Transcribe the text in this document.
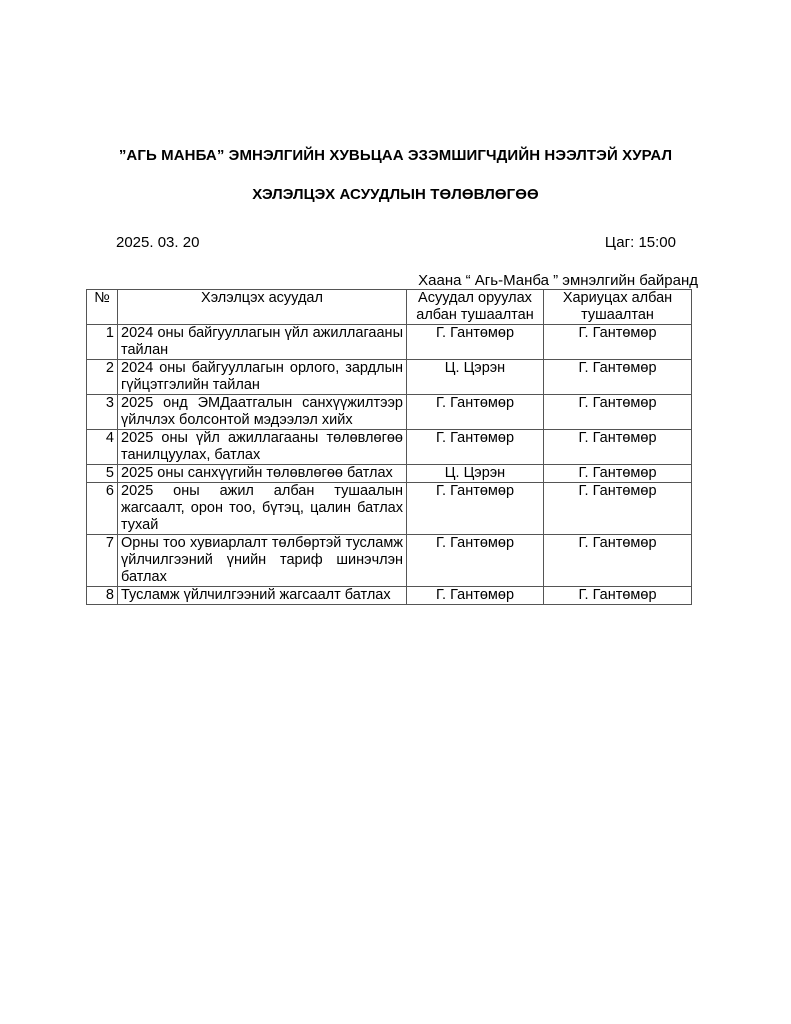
”АГЬ МАНБА” ЭМНЭЛГИЙН ХУВЬЦАА ЭЗЭМШИГЧДИЙН НЭЭЛТЭЙ ХУРАЛ
ХЭЛЭЛЦЭХ АСУУДЛЫН ТӨЛӨВЛӨГӨӨ
2025. 03. 20	Цаг: 15:00
Хаана “ Агь-Манба ” эмнэлгийн байранд
№	Хэлэлцэх асуудал	Асуудал оруулах албан тушаалтан	Хариуцах албан тушаалтан
1	2024 оны байгууллагын үйл ажиллагааны тайлан	Г. Гантөмөр	Г. Гантөмөр
2	2024 оны байгууллагын орлого, зардлын гүйцэтгэлийн тайлан	Ц. Цэрэн	Г. Гантөмөр
3	2025 онд ЭМДаатгалын санхүүжилтээр үйлчлэх болсонтой мэдээлэл хийх	Г. Гантөмөр	Г. Гантөмөр
4	2025 оны үйл ажиллагааны төлөвлөгөө танилцуулах, батлах	Г. Гантөмөр	Г. Гантөмөр
5	2025 оны санхүүгийн төлөвлөгөө батлах	Ц. Цэрэн	Г. Гантөмөр
6	2025 оны ажил албан тушаалын жагсаалт, орон тоо, бүтэц, цалин батлах тухай	Г. Гантөмөр	Г. Гантөмөр
7	Орны тоо хувиарлалт төлбөртэй тусламж үйлчилгээний үнийн тариф шинэчлэн батлах	Г. Гантөмөр	Г. Гантөмөр
8	Тусламж үйлчилгээний жагсаалт батлах	Г. Гантөмөр	Г. Гантөмөр
